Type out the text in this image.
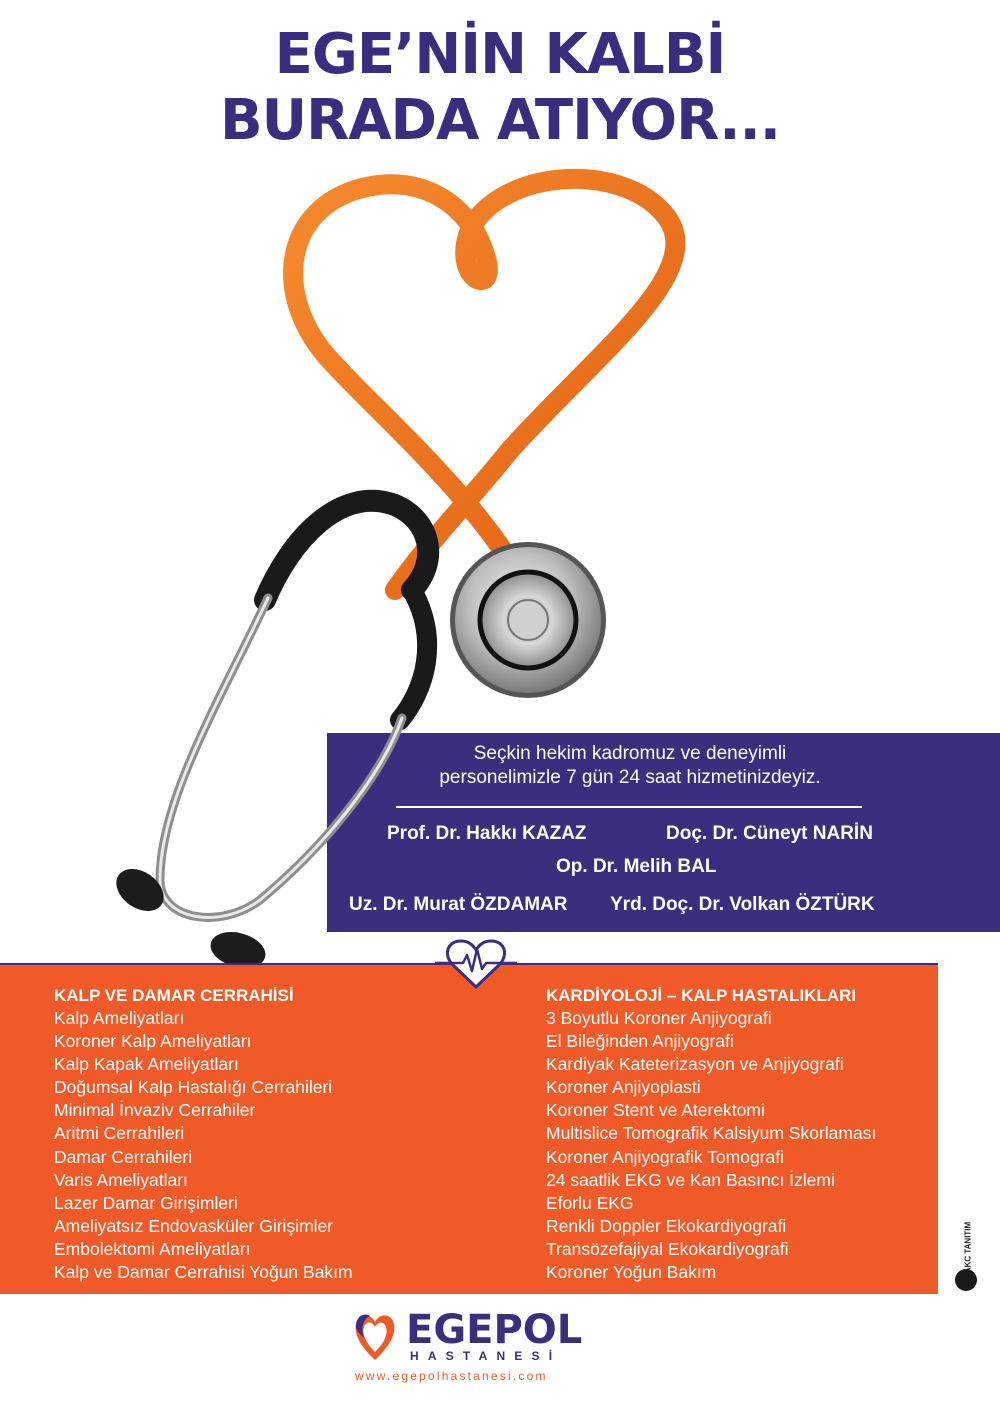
EGE’NİN KALBİ
BURADA ATIYOR...
Seçkin hekim kadromuz ve deneyimli
personelimizle 7 gün 24 saat hizmetinizdeyiz.
Prof. Dr. Hakkı KAZAZ	Doç. Dr. Cüneyt NARİN
Op. Dr. Melih BAL
Uz. Dr. Murat ÖZDAMAR Yrd. Doç. Dr. Volkan ÖZTÜRK
KALP VE DAMAR CERRAHİSİ
Kalp Ameliyatları
Koroner Kalp Ameliyatları
Kalp Kapak Ameliyatları
Doğumsal Kalp Hastalığı Cerrahileri
Minimal İnvaziv Cerrahiler
Aritmi Cerrahileri
Damar Cerrahileri
Varis Ameliyatları
Lazer Damar Girişimleri
Ameliyatsız Endovasküler Girişimler
Embolektomi Ameliyatları
Kalp ve Damar Cerrahisi Yoğun Bakım
KARDİYOLOJİ – KALP HASTALIKLARI
3 Boyutlu Koroner Anjiyografi
El Bileğinden Anjiyografi
Kardiyak Kateterizasyon ve Anjiyografi
Koroner Anjiyoplasti
Koroner Stent ve Aterektomi
Multislice Tomografik Kalsiyum Skorlaması
Koroner Anjiyografik Tomografi
24 saatlik EKG ve Kan Basıncı İzlemi
Eforlu EKG
Renkli Doppler Ekokardiyografi
Transözefajiyal Ekokardiyografi
Koroner Yoğun Bakım	AKC TANITIM
EGEPOL
HASTANESİ
www.egepolhastanesi.com
